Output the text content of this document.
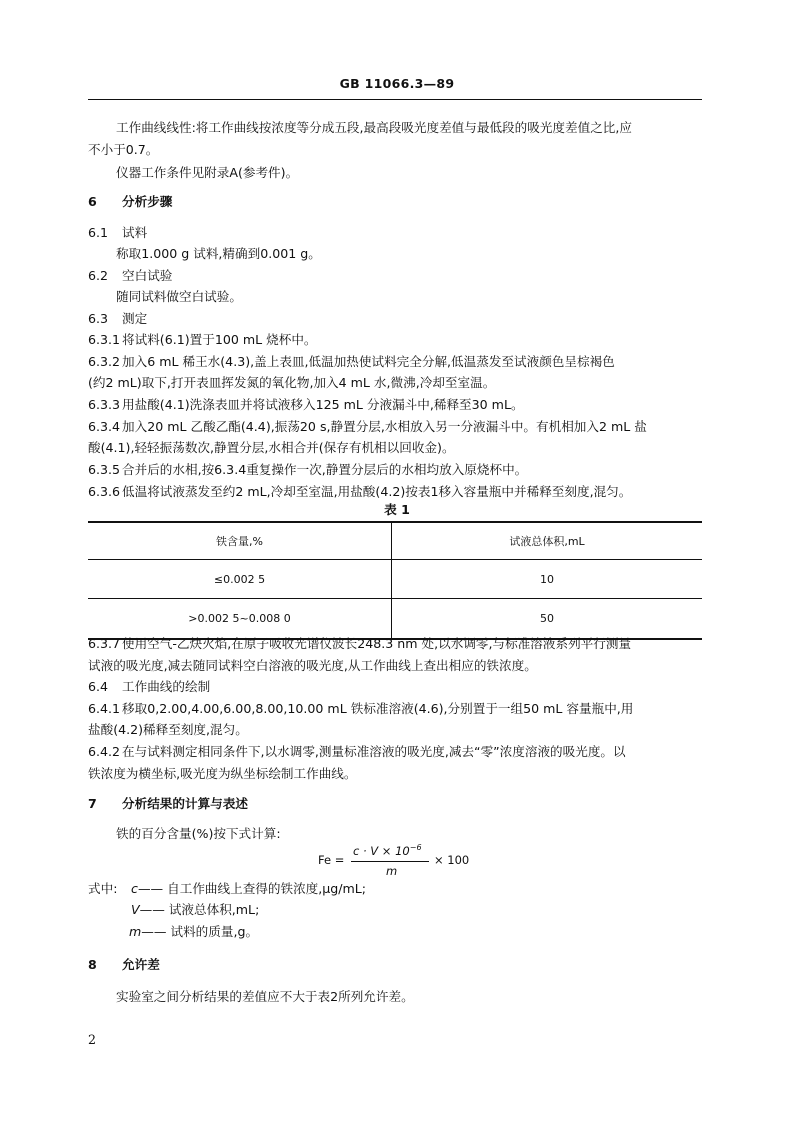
GB 11066.3—89
工作曲线线性:将工作曲线按浓度等分成五段,最高段吸光度差值与最低段的吸光度差值之比,应
不小于0.7。
仪器工作条件见附录A(参考件)。
6 分析步骤
6.1 试料
称取1.000 g 试料,精确到0.001 g。
6.2 空白试验
随同试料做空白试验。
6.3 测定
6.3.1 将试料(6.1)置于100 mL 烧杯中。
6.3.2 加入6 mL 稀王水(4.3),盖上表皿,低温加热使试料完全分解,低温蒸发至试液颜色呈棕褐色
(约2 mL)取下,打开表皿挥发氮的氧化物,加入4 mL 水,微沸,冷却至室温。
6.3.3 用盐酸(4.1)洗涤表皿并将试液移入125 mL 分液漏斗中,稀释至30 mL。
6.3.4 加入20 mL 乙酸乙酯(4.4),振荡20 s,静置分层,水相放入另一分液漏斗中。有机相加入2 mL 盐
酸(4.1),轻轻振荡数次,静置分层,水相合并(保存有机相以回收金)。
6.3.5 合并后的水相,按6.3.4重复操作一次,静置分层后的水相均放入原烧杯中。
6.3.6 低温将试液蒸发至约2 mL,冷却至室温,用盐酸(4.2)按表1移入容量瓶中并稀释至刻度,混匀。
表 1
铁含量,%	试液总体积,mL
≤0.002 5	10
>0.002 5~0.008 0	50
6.3.7 使用空气-乙炔火焰,在原子吸收光谱仪波长248.3 nm 处,以水调零,与标准溶液系列平行测量
试液的吸光度,减去随同试料空白溶液的吸光度,从工作曲线上查出相应的铁浓度。
6.4 工作曲线的绘制
6.4.1 移取0,2.00,4.00,6.00,8.00,10.00 mL 铁标准溶液(4.6),分别置于一组50 mL 容量瓶中,用
盐酸(4.2)稀释至刻度,混匀。
6.4.2 在与试料测定相同条件下,以水调零,测量标准溶液的吸光度,减去“零”浓度溶液的吸光度。以
铁浓度为横坐标,吸光度为纵坐标绘制工作曲线。
7 分析结果的计算与表述
铁的百分含量(%)按下式计算:
Fe =
$c \cdot V \times 10^{-6}$
m
× 100
式中: c—— 自工作曲线上查得的铁浓度,μg/mL;
V—— 试液总体积,mL;
m—— 试料的质量,g。
8 允许差
实验室之间分析结果的差值应不大于表2所列允许差。
2
